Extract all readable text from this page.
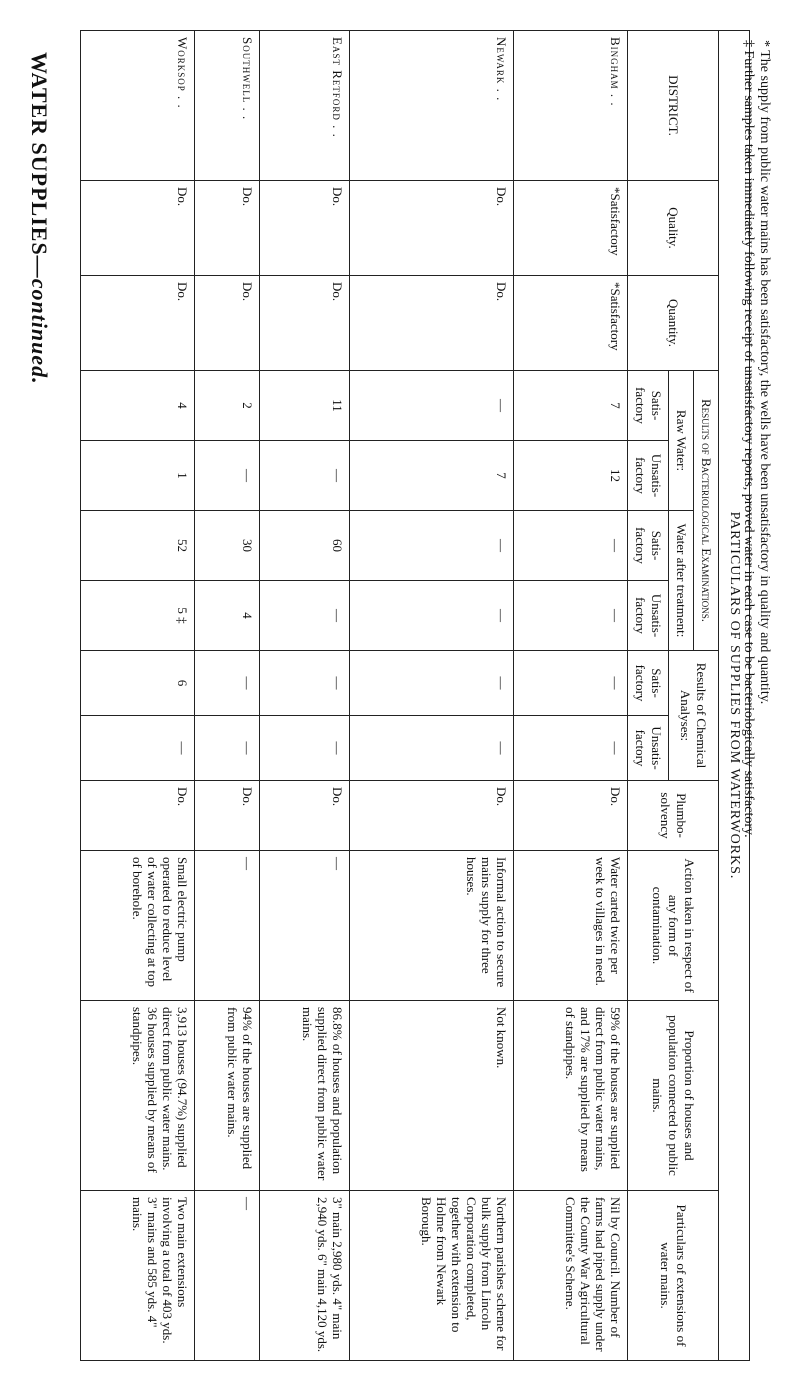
WATER SUPPLIES—continued.
PARTICULARS OF SUPPLIES FROM WATERWORKS.												
DISTRICT.	Quality.	Quantity.	Results of Bacteriological Examinations.				Results of Chemical Analyses:		Plumbo-solvency	Action taken in respect of any form of contamination.	Proportion of houses and population connected to public mains.	Particulars of extensions of water mains.
			Raw Water:		Water after treatment:							
			Satis-factory	Unsatis-factory	Satis-factory	Unsatis-factory	Satis-factory	Unsatis-factory				
Bingham . .	*Satisfactory	*Satisfactory	7	12	—	—	—	—	Do.	Water carted twice per week to villages in need.	59% of the houses are supplied direct from public water mains, and 17% are supplied by means of standpipes.	Nil by Council. Number of farms had piped supply under the County War Agricultural Committee's Scheme.
Newark . .	Do.	Do.	—	7	—	—	—	—	Do.	Informal action to secure mains supply for three houses.	Not known.	Northern parishes scheme for bulk supply from Lincoln Corporation completed, together with extension to Holme from Newark Borough.
East Retford . .	Do.	Do.	11	—	60	—	—	—	Do.	—	86.8% of houses and population supplied direct from public water mains.	3" main 2,980 yds. 4" main 2,940 yds. 6" main 4,120 yds.
Southwell . .	Do.	Do.	2	—	30	4	—	—	Do.	—	94% of the houses are supplied from public water mains.	—
Worksop . .	Do.	Do.	4	1	52	5 ‡	6	—	Do.	Small electric pump operated to reduce level of water collecting at top of borehole.	3,913 houses (94.7%) supplied direct from public water mains. 36 houses supplied by means of standpipes.	Two main extensions involving a total of 403 yds. 3" mains and 585 yds. 4" mains.

* The supply from public water mains has been satisfactory, the wells have been unsatisfactory in quality and quantity.

‡ Further samples taken immediately following receipt of unsatisfactory reports, proved water in each case to be bacteriologically satisfactory.
